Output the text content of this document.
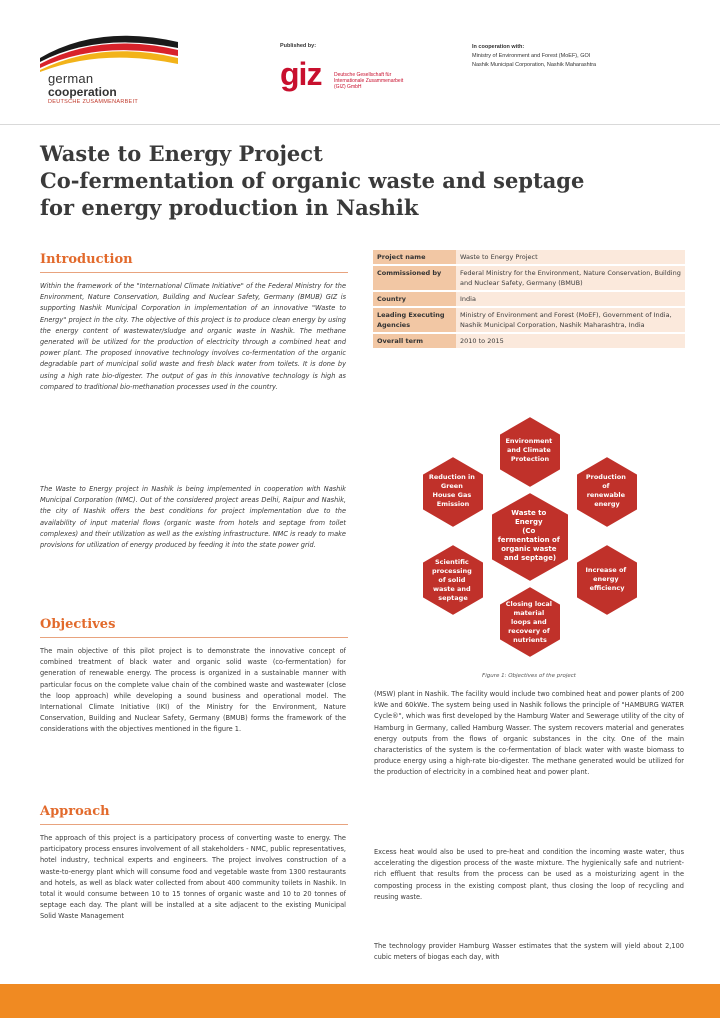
german
cooperation
DEUTSCHE ZUSAMMENARBEIT
Published by:
giz	Deutsche Gesellschaft für Internationale Zusammenarbeit (GIZ) GmbH
In cooperation with:
Ministry of Environment and Forest (MoEF), GOI
Nashik Municipal Corporation, Nashik Maharashtra
Waste to Energy Project
Co-fermentation of organic waste and septage
for energy production in Nashik
Introduction
Within the framework of the "International Climate Initiative" of the Federal Ministry for the Environment, Nature Conservation, Building and Nuclear Safety, Germany (BMUB) GIZ is supporting Nashik Municipal Corporation in implementation of an innovative "Waste to Energy" project in the city. The objective of this project is to produce clean energy by using the energy content of wastewater/sludge and organic waste in Nashik. The methane generated will be utilized for the production of electricity through a combined heat and power plant. The proposed innovative technology involves co-fermentation of the organic degradable part of municipal solid waste and fresh black water from toilets. It is done by using a high rate bio-digester. The output of gas in this innovative technology is high as compared to traditional bio-methanation processes used in the country.
The Waste to Energy project in Nashik is being implemented in cooperation with Nashik Municipal Corporation (NMC). Out of the considered project areas Delhi, Raipur and Nashik, the city of Nashik offers the best conditions for project implementation due to the availability of input material flows (organic waste from hotels and septage from toilet complexes) and their utilization as well as the existing infrastructure. NMC is ready to make provisions for utilization of energy produced by feeding it into the state power grid.
Objectives
The main objective of this pilot project is to demonstrate the innovative concept of combined treatment of black water and organic solid waste (co-fermentation) for generation of renewable energy. The process is organized in a sustainable manner with particular focus on the complete value chain of the combined waste and wastewater (close the loop approach) while developing a sound business and operational model. The International Climate Initiative (IKI) of the Ministry for the Environment, Nature Conservation, Building and Nuclear Safety, Germany (BMUB) forms the framework of the considerations with the objectives mentioned in the figure 1.
Approach
The approach of this project is a participatory process of converting waste to energy. The participatory process ensures involvement of all stakeholders - NMC, public representatives, hotel industry, technical experts and engineers. The project involves construction of a waste-to-energy plant which will consume food and vegetable waste from 1300 restaurants and hotels, as well as black water collected from about 400 community toilets in Nashik. In total it would consume between 10 to 15 tonnes of organic waste and 10 to 20 tonnes of septage each day. The plant will be installed at a site adjacent to the existing Municipal Solid Waste Management
Project name	Waste to Energy Project
Commissioned by	Federal Ministry for the Environment, Nature Conservation, Building and Nuclear Safety, Germany (BMUB)
Country	India
Leading Executing Agencies	Ministry of Environment and Forest (MoEF), Government of India, Nashik Municipal Corporation, Nashik Maharashtra, India
Overall term	2010 to 2015
Waste to Energy (Co fermentation of organic waste and septage)
Environment and Climate Protection
Production of renewable energy
Increase of energy efficiency
Closing local material loops and recovery of nutrients
Scientific processing of solid waste and septage
Reduction in Green House Gas Emission
Figure 1: Objectives of the project
(MSW) plant in Nashik. The facility would include two combined heat and power plants of 200 kWe and 60kWe. The system being used in Nashik follows the principle of "HAMBURG WATER Cycle®", which was first developed by the Hamburg Water and Sewerage utility of the city of Hamburg in Germany, called Hamburg Wasser. The system recovers material and generates energy outputs from the flows of organic substances in the city. One of the main characteristics of the system is the co-fermentation of black water with waste biomass to produce energy using a high-rate bio-digester. The methane generated would be utilized for the production of electricity in a combined heat and power plant.
Excess heat would also be used to pre-heat and condition the incoming waste water, thus accelerating the digestion process of the waste mixture. The hygienically safe and nutrient-rich effluent that results from the process can be used as a moisturizing agent in the composting process in the existing compost plant, thus closing the loop of recycling and reusing waste.
The technology provider Hamburg Wasser estimates that the system will yield about 2,100 cubic meters of biogas each day, with
